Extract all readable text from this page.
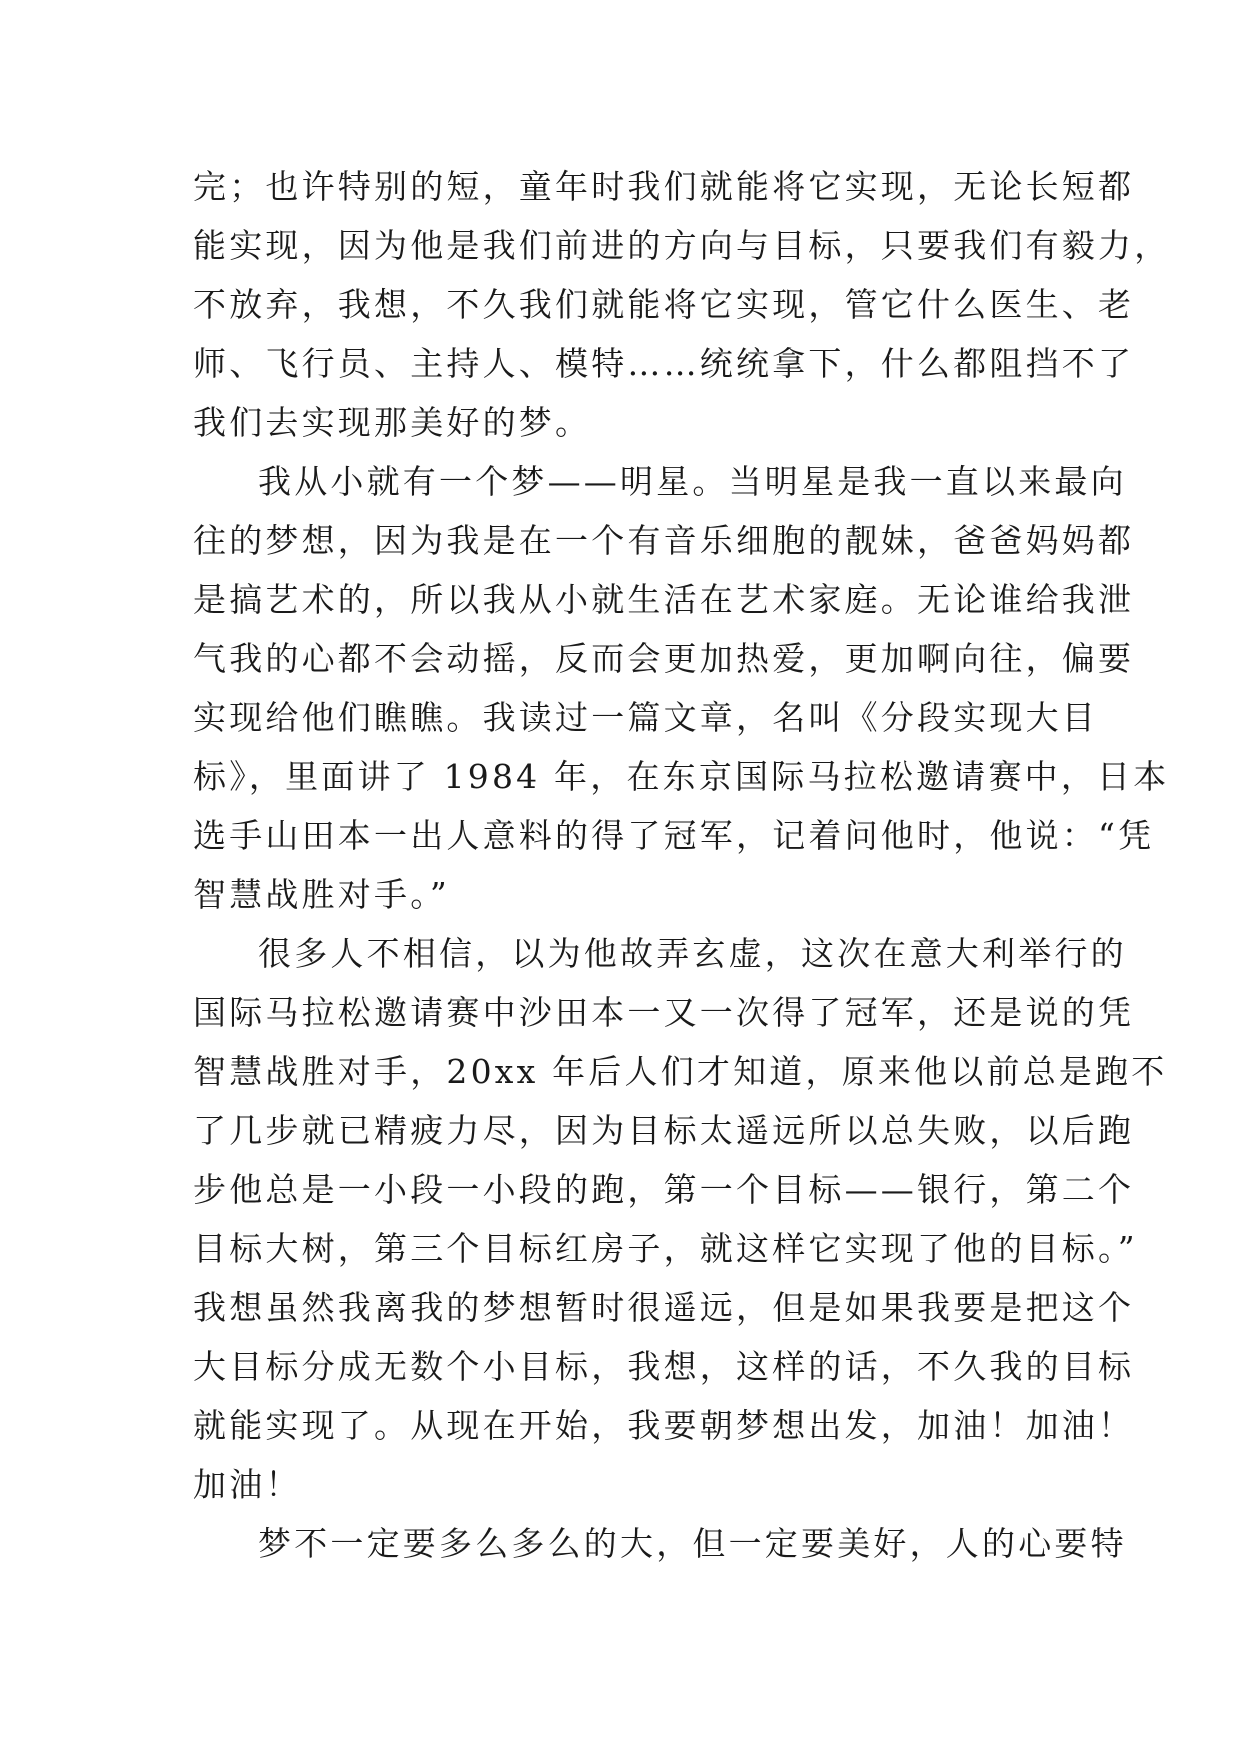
完；也许特别的短，童年时我们就能将它实现，无论长短都
能实现，因为他是我们前进的方向与目标，只要我们有毅力，
不放弃，我想，不久我们就能将它实现，管它什么医生、老
师、飞行员、主持人、模特……统统拿下，什么都阻挡不了
我们去实现那美好的梦。
我从小就有一个梦——明星。当明星是我一直以来最向
往的梦想，因为我是在一个有音乐细胞的靓妹，爸爸妈妈都
是搞艺术的，所以我从小就生活在艺术家庭。无论谁给我泄
气我的心都不会动摇，反而会更加热爱，更加啊向往，偏要
实现给他们瞧瞧。我读过一篇文章，名叫《分段实现大目
标》，里面讲了 1984 年，在东京国际马拉松邀请赛中，日本
选手山田本一出人意料的得了冠军，记着问他时，他说：“凭
智慧战胜对手。”
很多人不相信，以为他故弄玄虚，这次在意大利举行的
国际马拉松邀请赛中沙田本一又一次得了冠军，还是说的凭
智慧战胜对手，20xx 年后人们才知道，原来他以前总是跑不
了几步就已精疲力尽，因为目标太遥远所以总失败，以后跑
步他总是一小段一小段的跑，第一个目标——银行，第二个
目标大树，第三个目标红房子，就这样它实现了他的目标。”
我想虽然我离我的梦想暂时很遥远，但是如果我要是把这个
大目标分成无数个小目标，我想，这样的话，不久我的目标
就能实现了。从现在开始，我要朝梦想出发，加油！加油！
加油！
梦不一定要多么多么的大，但一定要美好，人的心要特
